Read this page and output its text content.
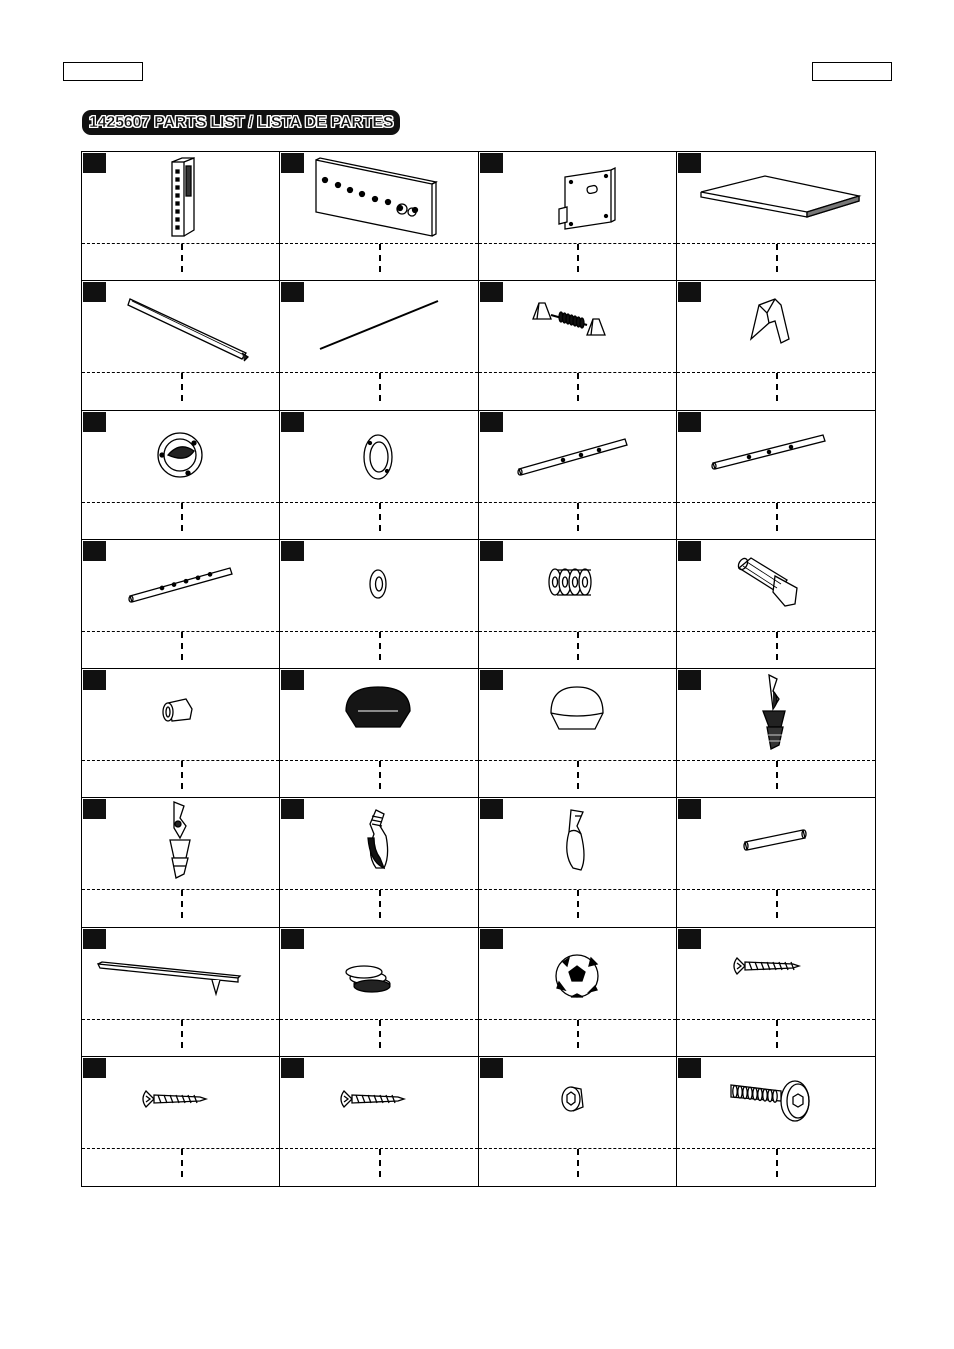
1425607 PARTS LIST / LISTA DE PARTES
